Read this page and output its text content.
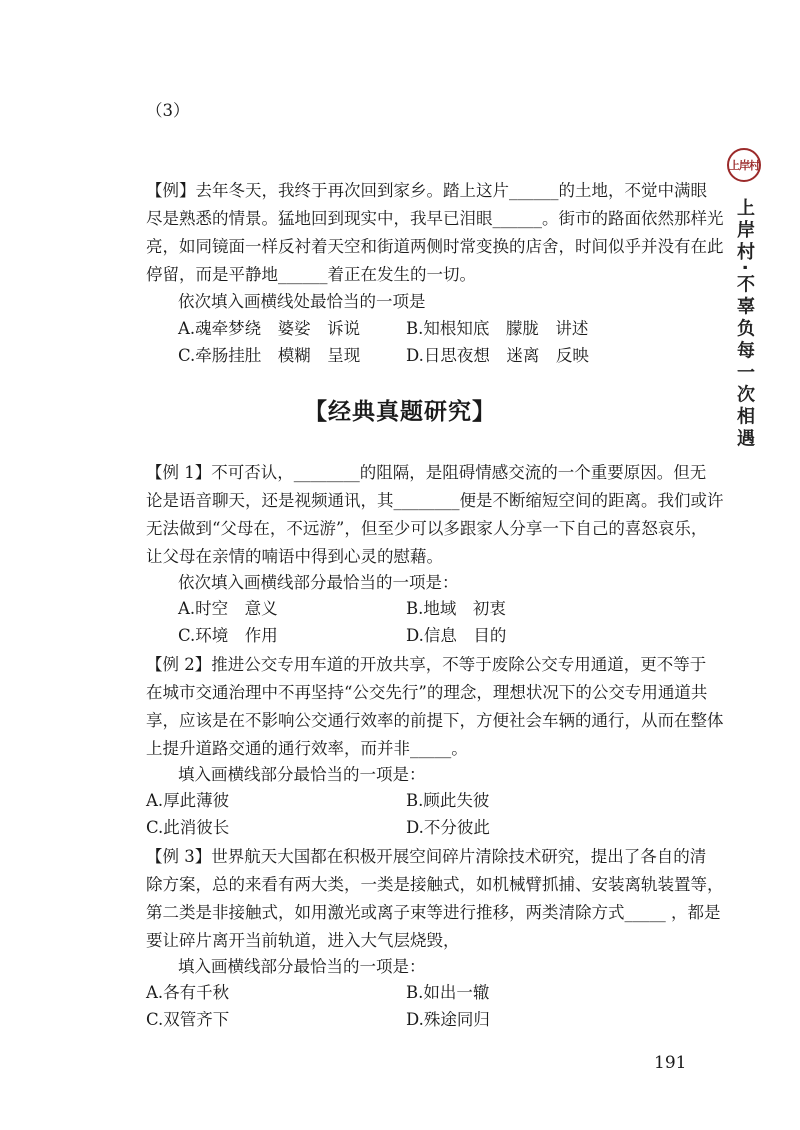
（3）
【例】去年冬天，我终于再次回到家乡。踏上这片______的土地，不觉中满眼
尽是熟悉的情景。猛地回到现实中，我早已泪眼______。街市的路面依然那样光
亮，如同镜面一样反衬着天空和街道两侧时常变换的店舍，时间似乎并没有在此
停留，而是平静地______着正在发生的一切。
依次填入画横线处最恰当的一项是
A.魂牵梦绕　婆娑　诉说	B.知根知底　朦胧　讲述
C.牵肠挂肚　模糊　呈现	D.日思夜想　迷离　反映
【经典真题研究】
【例 1】不可否认，________的阻隔，是阻碍情感交流的一个重要原因。但无
论是语音聊天，还是视频通讯，其________便是不断缩短空间的距离。我们或许
无法做到“父母在，不远游”，但至少可以多跟家人分享一下自己的喜怒哀乐，
让父母在亲情的喃语中得到心灵的慰藉。
依次填入画横线部分最恰当的一项是：
A.时空　意义	B.地域　初衷
C.环境　作用	D.信息　目的
【例 2】推进公交专用车道的开放共享，不等于废除公交专用通道，更不等于
在城市交通治理中不再坚持“公交先行”的理念，理想状况下的公交专用通道共
享，应该是在不影响公交通行效率的前提下，方便社会车辆的通行，从而在整体
上提升道路交通的通行效率，而并非_____。
填入画横线部分最恰当的一项是：
A.厚此薄彼	B.顾此失彼
C.此消彼长	D.不分彼此
【例 3】世界航天大国都在积极开展空间碎片清除技术研究，提出了各自的清
除方案，总的来看有两大类，一类是接触式，如机械臂抓捕、安装离轨装置等，
第二类是非接触式，如用激光或离子束等进行推移，两类清除方式_____ ，都是
要让碎片离开当前轨道，进入大气层烧毁，
填入画横线部分最恰当的一项是：
A.各有千秋	B.如出一辙
C.双管齐下	D.殊途同归
上岸村
上岸村·不辜负每一次相遇
191
